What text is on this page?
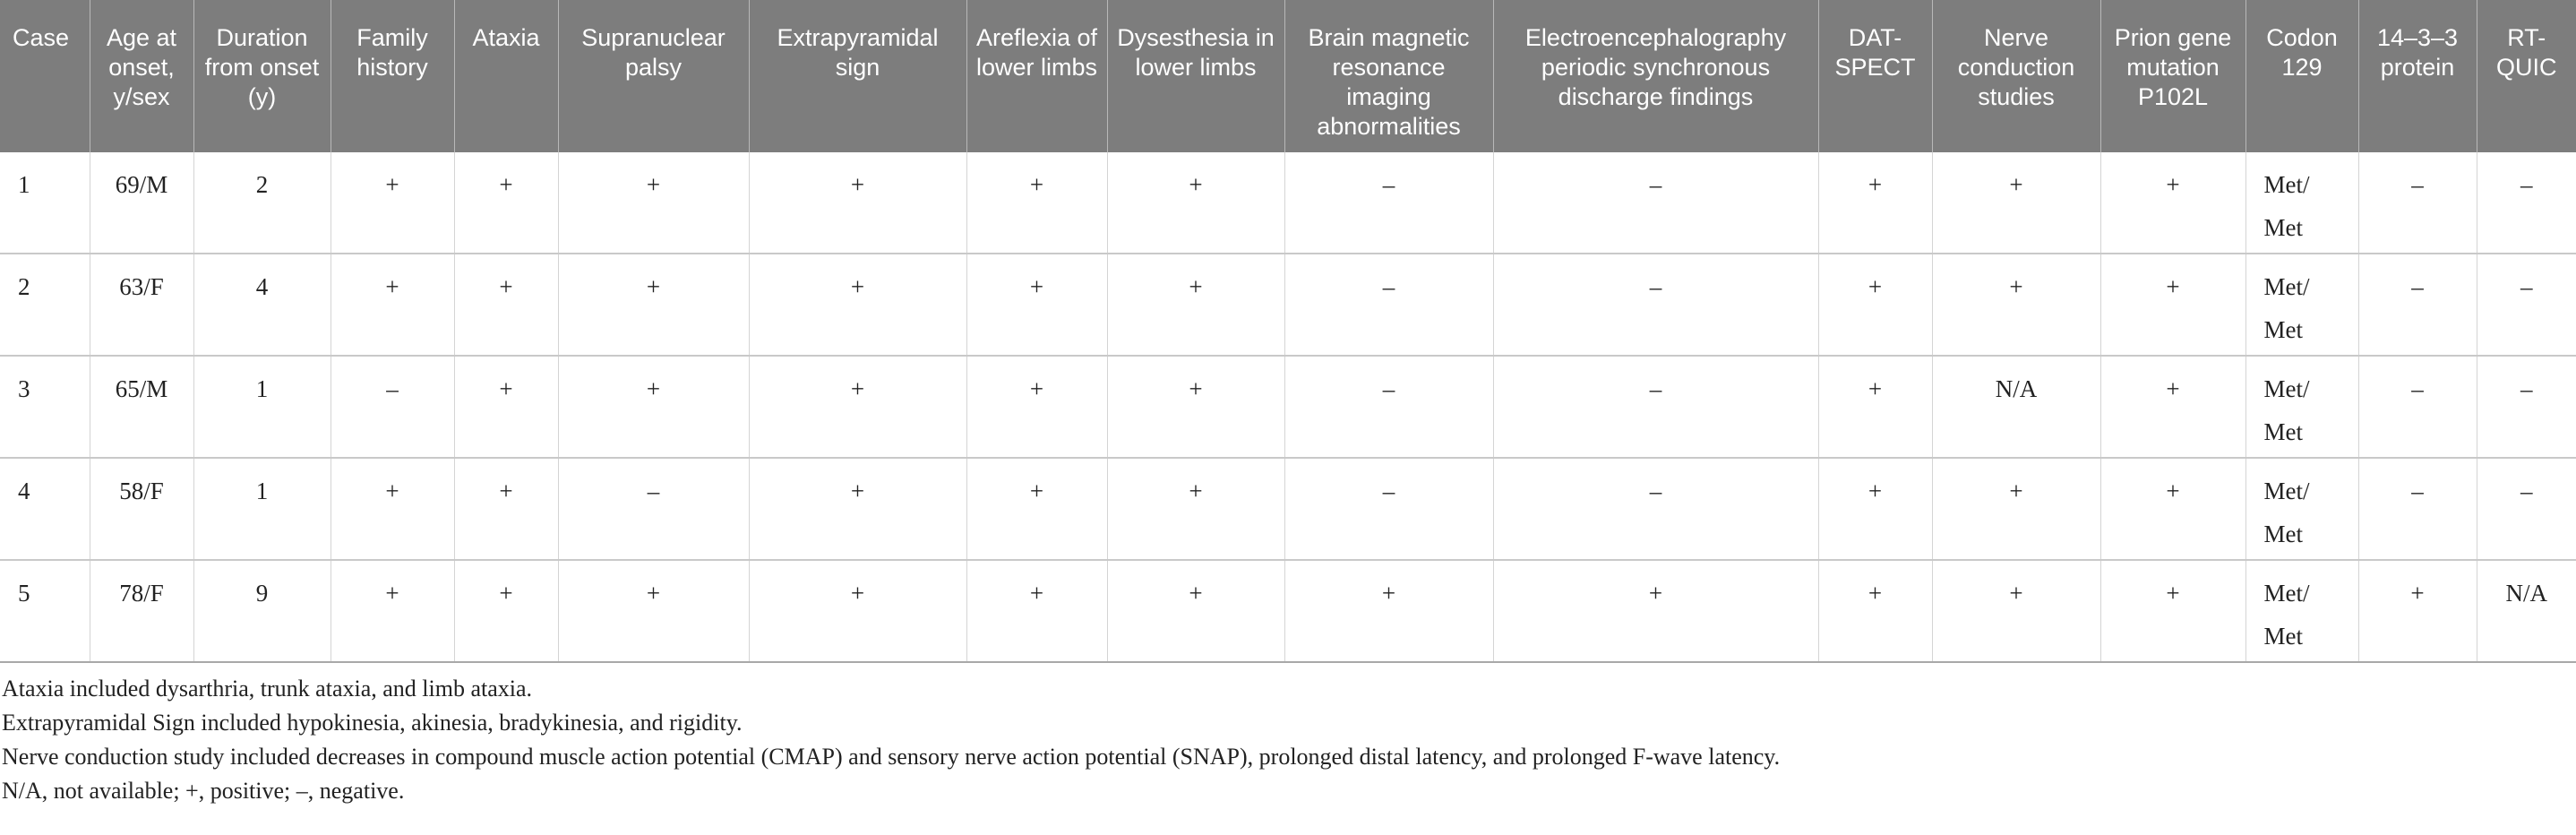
Case	Age at onset, y/sex	Duration from onset (y)	Family history	Ataxia	Supranuclear palsy	Extrapyramidal sign	Areflexia of lower limbs	Dysesthesia in lower limbs	Brain magnetic resonance imaging abnormalities	Electroencephalography periodic synchronous discharge findings	DAT-SPECT	Nerve conduction studies	Prion gene mutation P102L	Codon 129	14–3–3 protein	RT-QUIC
1	69/M	2	+	+	+	+	+	+	–	–	+	+	+	Met/ Met	–	–
2	63/F	4	+	+	+	+	+	+	–	–	+	+	+	Met/ Met	–	–
3	65/M	1	–	+	+	+	+	+	–	–	+	N/A	+	Met/ Met	–	–
4	58/F	1	+	+	–	+	+	+	–	–	+	+	+	Met/ Met	–	–
5	78/F	9	+	+	+	+	+	+	+	+	+	+	+	Met/ Met	+	N/A

Ataxia included dysarthria, trunk ataxia, and limb ataxia.

Extrapyramidal Sign included hypokinesia, akinesia, bradykinesia, and rigidity.

Nerve conduction study included decreases in compound muscle action potential (CMAP) and sensory nerve action potential (SNAP), prolonged distal latency, and prolonged F-wave latency.

N/A, not available; +, positive; –, negative.
